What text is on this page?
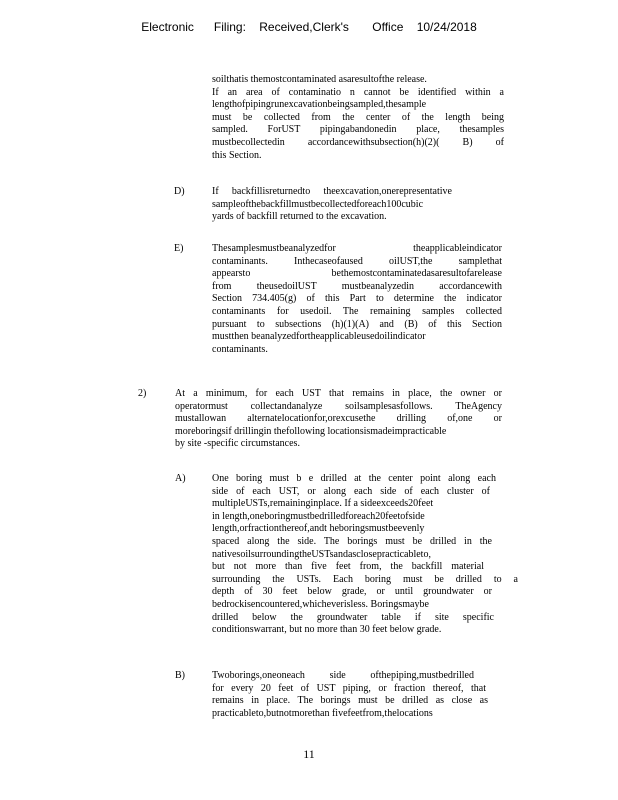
Electronic      Filing:    Received,Clerk's       Office    10/24/2018
soilthatis themostcontaminated asaresultofthe release.
If an area of contaminatio n cannot be identified within a
lengthofpipingrunexcavationbeingsampled,thesample
must be collected from the center of the length being
sampled. ForUST pipingabandonedin place, thesamples
mustbecollectedin accordancewithsubsection(h)(2)( B) of
this Section.
D)	If backfillisreturnedto theexcavation,onerepresentative
sampleofthebackfillmustbecollectedforeach100cubic
yards of backfill returned to the excavation.
E)	Thesamplesmustbeanalyzedfor theapplicableindicator
contaminants. Inthecaseofaused oilUST,the samplethat
appearsto bethemostcontaminatedasaresultofarelease
from theusedoilUST mustbeanalyzedin accordancewith
Section 734.405(g) of this Part to determine the indicator
contaminants for usedoil. The remaining samples collected
pursuant to subsections (h)(1)(A) and (B) of this Section
mustthen beanalyzedfortheapplicableusedoilindicator
contaminants.
2)	At a minimum, for each UST that remains in place, the owner or
operatormust collectandanalyze soilsamplesasfollows. TheAgency
mustallowan alternatelocationfor,orexcusethe drilling of,one or
moreboringsif drillingin thefollowing locationsismadeimpracticable
by site -specific circumstances.
A)	One boring must b e drilled at the center point along each
side of each UST, or along each side of each cluster of
multipleUSTs,remaininginplace. If a sideexceeds20feet
in length,oneboringmustbedrilledforeach20feetofside
length,orfractionthereof,andt heboringsmustbeevenly
spaced along the side. The borings must be drilled in the
nativesoilsurroundingtheUSTsandasclosepracticableto,
but not more than five feet from, the backfill material
surrounding the USTs. Each boring must be drilled to a
depth of 30 feet below grade, or until groundwater or
bedrockisencountered,whicheverisless. Boringsmaybe
drilled below the groundwater table if site specific
conditionswarrant, but no more than 30 feet below grade.
B)	Twoborings,oneoneach side ofthepiping,mustbedrilled
for every 20 feet of UST piping, or fraction thereof, that
remains in place. The borings must be drilled as close as
practicableto,butnotmorethan fivefeetfrom,thelocations
11
